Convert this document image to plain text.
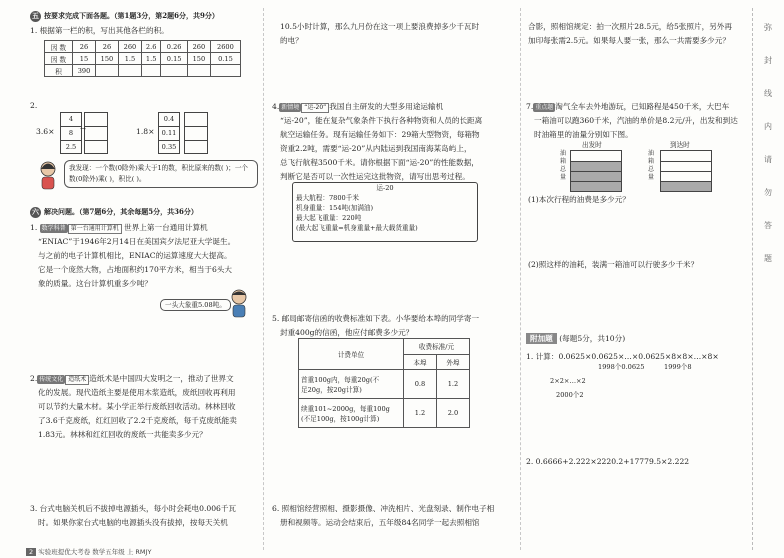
五 按要求完成下面各题。（第1题3分，第2题6分，共9分）
1. 根据第一栏的积，写出其他各栏的积。
因 数	26	26	260	2.6	0.26	260	2600
因 数	15	150	1.5	1.5	0.15	150	0.15
积	390						
2.
3.6×
4
8
2.5
→	1.8×
0.4
0.11
0.35
我发现：一个数(0除外)乘大于1的数，积比原来的数( )；一个数(0除外)乘( )，积比( )。
六 解决问题。（第7题6分，其余每题5分，共36分）
1. 数学科普 第一台通用计算机 世界上第一台通用计算机
“ENIAC”于1946年2月14日在美国宾夕法尼亚大学诞生。
与之前的电子计算机相比，ENIAC的运算速度大大提高。
它是一个庞然大物，占地面积约170平方米，相当于6头大
象的质量。这台计算机重多少吨？
一头大象重5.08吨。
2. 传统文化 造纸术 造纸术是中国四大发明之一，推动了世界文
化的发展。现代造纸主要是使用木浆造纸，废纸回收再利用
可以节约大量木材。某小学正举行废纸回收活动。林林回收
了3.6千克废纸，红红回收了2.2千克废纸，每千克废纸能卖
1.83元。林林和红红回收的废纸一共能卖多少元？
3. 台式电脑关机后不拔掉电源插头，每小时会耗电0.006千瓦
时。如果你家台式电脑的电源插头没有拔掉，按每天关机
2 实验班提优大考卷 数学五年级 上 RMJY
10.5小时计算，那么九月份在这一项上要浪费掉多少千瓦时
的电？
4. 新情境 “运-20” 我国自主研发的大型多用途运输机
“运-20”，能在复杂气象条件下执行各种物资和人员的长距离
航空运输任务。现有运输任务如下：29箱大型物资，每箱物
资重2.2吨，需要“运-20”从内陆运到我国南海某岛屿上，
总飞行航程3500千米。请你根据下面“运-20”的性能数据，
判断它是否可以一次性运完这批物资，请写出思考过程。
运-20
最大航程：7800千米
机身重量：154吨(加满油)
最大起飞重量：220吨
(最大起飞重量=机身重量+最大载货重量)
5. 邮局邮寄信函的收费标准如下表。小华要给本埠的同学寄一
封重400g的信函，他应付邮费多少元？
计费单位	收费标准/元	
	本埠	外埠

首重100g内，每重20g(不
足20g，按20g计算)	0.8	1.2

续重101~2000g，每重100g
(不足100g，按100g计算)	1.2	2.0
6. 照相馆经营照相、摄影摄像、冲洗相片、光盘刻录、制作电子相
册和视频等。运动会结束后，五年级84名同学一起去照相馆
合影，照相馆规定：拍一次照片28.5元，给5张照片，另外再
加印每张需2.5元。如果每人要一张，那么一共需要多少元？
7. 重点题 淘气全车去外地游玩，已知路程是450千米，大巴车
一箱油可以跑360千米，汽油的单价是8.2元/升，出发和到达
时油箱里的油量分别如下图。
出发时	到达时
油箱总量
油箱总量
(1)本次行程的油费是多少元？
(2)照这样的油耗，装满一箱油可以行驶多少千米？
附加题 (每题5分，共10分)
1. 计算：0.0625×0.0625×…×0.0625×8×8×…×8×
1998个0.0625	1999个8
2×2×…×2
2000个2
2. 0.6666+2.222×2220.2+17779.5×2.222
弥
封
线
内
请
勿
答
题
